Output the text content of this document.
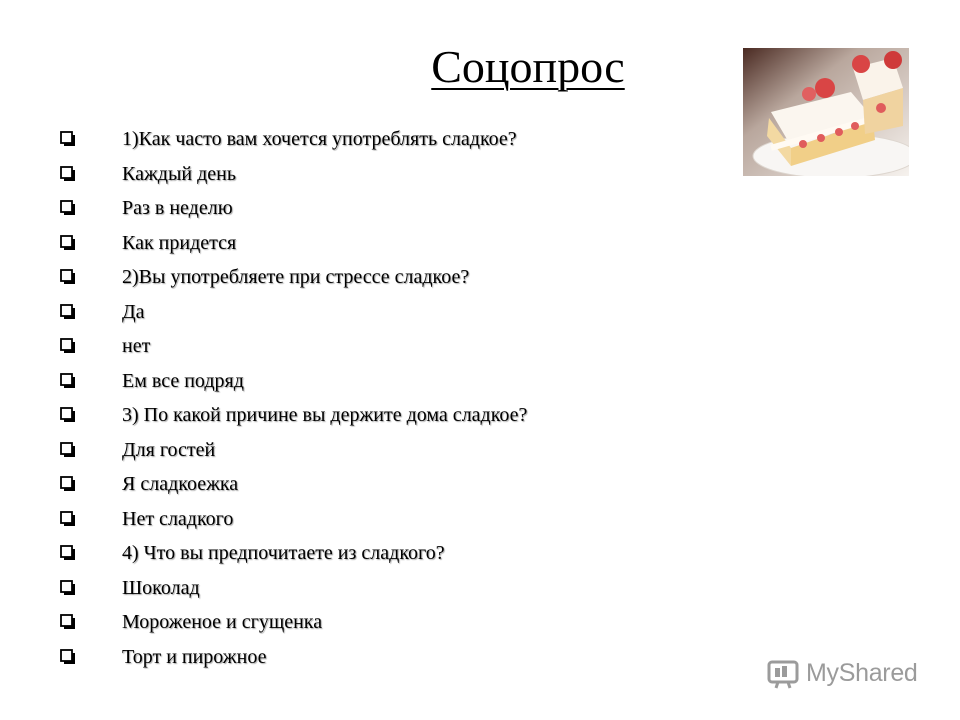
Соцопрос
1)Как часто вам хочется употреблять сладкое?
Каждый день
Раз в неделю
Как придется
2)Вы употребляете при стрессе сладкое?
Да
нет
Ем все подряд
3) По какой причине вы держите дома сладкое?
Для гостей
Я сладкоежка
Нет сладкого
4) Что вы предпочитаете из сладкого?
Шоколад
Мороженое и сгущенка
Торт и пирожное
MyShared
